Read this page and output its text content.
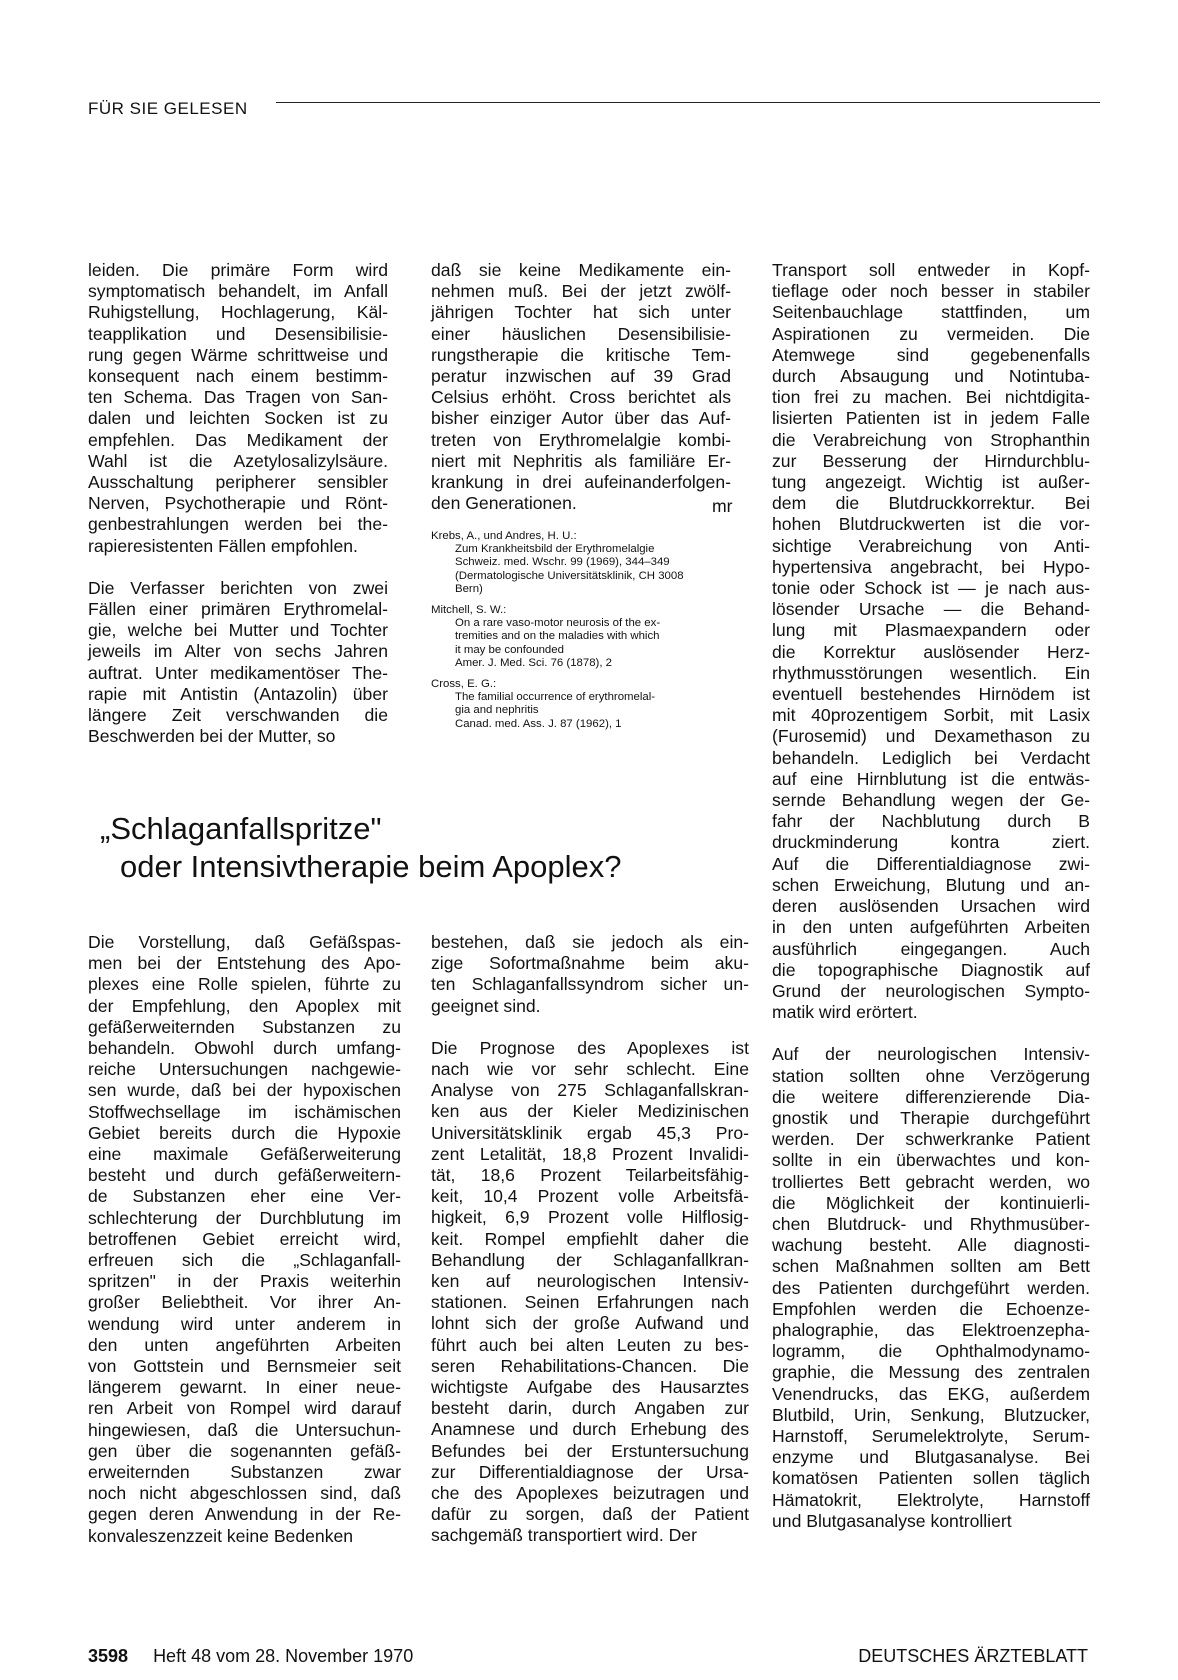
FÜR SIE GELESEN
leiden. Die primäre Form wird
symptomatisch behandelt, im Anfall
Ruhigstellung, Hochlagerung, Käl-
teapplikation und Desensibilisie-
rung gegen Wärme schrittweise und
konsequent nach einem bestimm-
ten Schema. Das Tragen von San-
dalen und leichten Socken ist zu
empfehlen. Das Medikament der
Wahl ist die Azetylosalizylsäure.
Ausschaltung peripherer sensibler
Nerven, Psychotherapie und Rönt-
genbestrahlungen werden bei the-
rapieresistenten Fällen empfohlen.
Die Verfasser berichten von zwei
Fällen einer primären Erythromelal-
gie, welche bei Mutter und Tochter
jeweils im Alter von sechs Jahren
auftrat. Unter medikamentöser The-
rapie mit Antistin (Antazolin) über
längere Zeit verschwanden die
Beschwerden bei der Mutter, so
daß sie keine Medikamente ein-
nehmen muß. Bei der jetzt zwölf-
jährigen Tochter hat sich unter
einer häuslichen Desensibilisie-
rungstherapie die kritische Tem-
peratur inzwischen auf 39 Grad
Celsius erhöht. Cross berichtet als
bisher einziger Autor über das Auf-
treten von Erythromelalgie kombi-
niert mit Nephritis als familiäre Er-
krankung in drei aufeinanderfolgen-
den Generationen.	mr
Krebs, A., und Andres, H. U.:
Zum Krankheitsbild der Erythromelalgie
Schweiz. med. Wschr. 99 (1969), 344–349
(Dermatologische Universitätsklinik, CH 3008
Bern)
Mitchell, S. W.:
On a rare vaso-motor neurosis of the ex-
tremities and on the maladies with which
it may be confounded
Amer. J. Med. Sci. 76 (1878), 2
Cross, E. G.:
The familial occurrence of erythromelal-
gia and nephritis
Canad. med. Ass. J. 87 (1962), 1
Transport soll entweder in Kopf-
tieflage oder noch besser in stabiler
Seitenbauchlage stattfinden, um
Aspirationen zu vermeiden. Die
Atemwege sind gegebenenfalls
durch Absaugung und Notintuba-
tion frei zu machen. Bei nichtdigita-
lisierten Patienten ist in jedem Falle
die Verabreichung von Strophanthin
zur Besserung der Hirndurchblu-
tung angezeigt. Wichtig ist außer-
dem die Blutdruckkorrektur. Bei
hohen Blutdruckwerten ist die vor-
sichtige Verabreichung von Anti-
hypertensiva angebracht, bei Hypo-
tonie oder Schock ist — je nach aus-
lösender Ursache — die Behand-
lung mit Plasmaexpandern oder
die Korrektur auslösender Herz-
rhythmusstörungen wesentlich. Ein
eventuell bestehendes Hirnödem ist
mit 40prozentigem Sorbit, mit Lasix
(Furosemid) und Dexamethason zu
behandeln. Lediglich bei Verdacht
auf eine Hirnblutung ist die entwäs-
sernde Behandlung wegen der Ge-
fahr der Nachblutung durch B
druckminderung kontra ziert.
Auf die Differentialdiagnose zwi-
schen Erweichung, Blutung und an-
deren auslösenden Ursachen wird
in den unten aufgeführten Arbeiten
ausführlich eingegangen. Auch
die topographische Diagnostik auf
Grund der neurologischen Sympto-
matik wird erörtert.
Auf der neurologischen Intensiv-
station sollten ohne Verzögerung
die weitere differenzierende Dia-
gnostik und Therapie durchgeführt
werden. Der schwerkranke Patient
sollte in ein überwachtes und kon-
trolliertes Bett gebracht werden, wo
die Möglichkeit der kontinuierli-
chen Blutdruck- und Rhythmusüber-
wachung besteht. Alle diagnosti-
schen Maßnahmen sollten am Bett
des Patienten durchgeführt werden.
Empfohlen werden die Echoenze-
phalographie, das Elektroenzepha-
logramm, die Ophthalmodynamo-
graphie, die Messung des zentralen
Venendrucks, das EKG, außerdem
Blutbild, Urin, Senkung, Blutzucker,
Harnstoff, Serumelektrolyte, Serum-
enzyme und Blutgasanalyse. Bei
komatösen Patienten sollen täglich
Hämatokrit, Elektrolyte, Harnstoff
und Blutgasanalyse kontrolliert
„Schlaganfallspritze"
oder Intensivtherapie beim Apoplex?
Die Vorstellung, daß Gefäßspas-
men bei der Entstehung des Apo-
plexes eine Rolle spielen, führte zu
der Empfehlung, den Apoplex mit
gefäßerweiternden Substanzen zu
behandeln. Obwohl durch umfang-
reiche Untersuchungen nachgewie-
sen wurde, daß bei der hypoxischen
Stoffwechsellage im ischämischen
Gebiet bereits durch die Hypoxie
eine maximale Gefäßerweiterung
besteht und durch gefäßerweitern-
de Substanzen eher eine Ver-
schlechterung der Durchblutung im
betroffenen Gebiet erreicht wird,
erfreuen sich die „Schlaganfall-
spritzen" in der Praxis weiterhin
großer Beliebtheit. Vor ihrer An-
wendung wird unter anderem in
den unten angeführten Arbeiten
von Gottstein und Bernsmeier seit
längerem gewarnt. In einer neue-
ren Arbeit von Rompel wird darauf
hingewiesen, daß die Untersuchun-
gen über die sogenannten gefäß-
erweiternden Substanzen zwar
noch nicht abgeschlossen sind, daß
gegen deren Anwendung in der Re-
konvaleszenzzeit keine Bedenken
bestehen, daß sie jedoch als ein-
zige Sofortmaßnahme beim aku-
ten Schlaganfallssyndrom sicher un-
geeignet sind.
Die Prognose des Apoplexes ist
nach wie vor sehr schlecht. Eine
Analyse von 275 Schlaganfallskran-
ken aus der Kieler Medizinischen
Universitätsklinik ergab 45,3 Pro-
zent Letalität, 18,8 Prozent Invalidi-
tät, 18,6 Prozent Teilarbeitsfähig-
keit, 10,4 Prozent volle Arbeitsfä-
higkeit, 6,9 Prozent volle Hilflosig-
keit. Rompel empfiehlt daher die
Behandlung der Schlaganfallkran-
ken auf neurologischen Intensiv-
stationen. Seinen Erfahrungen nach
lohnt sich der große Aufwand und
führt auch bei alten Leuten zu bes-
seren Rehabilitations-Chancen. Die
wichtigste Aufgabe des Hausarztes
besteht darin, durch Angaben zur
Anamnese und durch Erhebung des
Befundes bei der Erstuntersuchung
zur Differentialdiagnose der Ursa-
che des Apoplexes beizutragen und
dafür zu sorgen, daß der Patient
sachgemäß transportiert wird. Der
3598 Heft 48 vom 28. November 1970	DEUTSCHES ÄRZTEBLATT
